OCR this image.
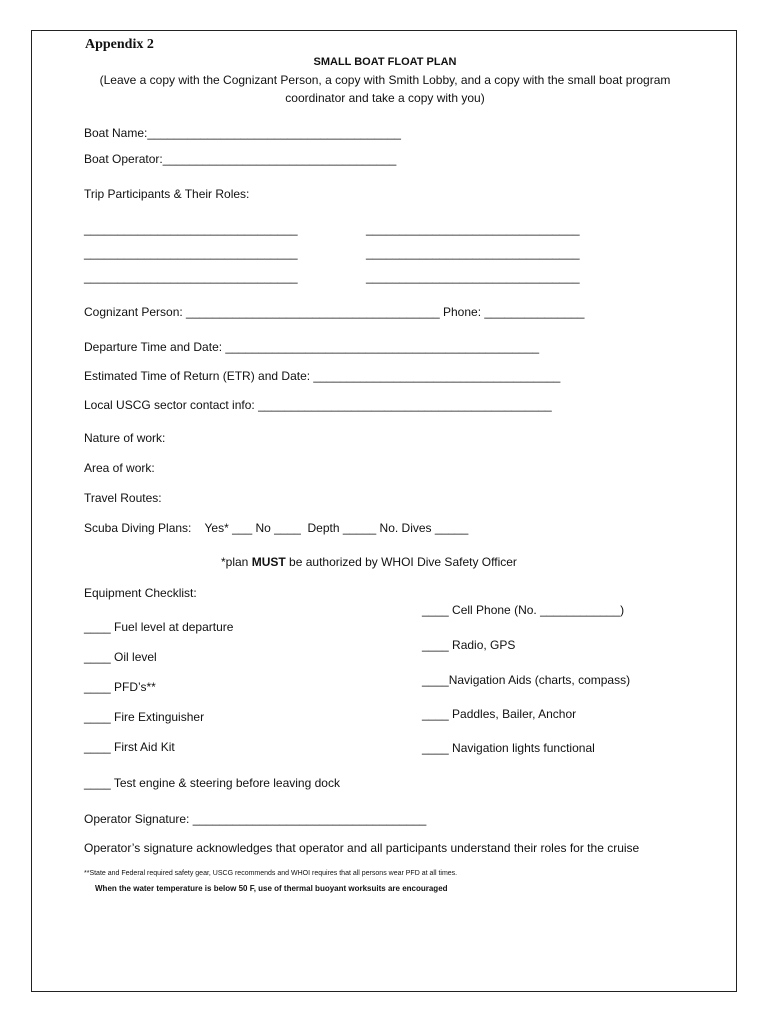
Appendix 2
SMALL BOAT FLOAT PLAN
(Leave a copy with the Cognizant Person, a copy with Smith Lobby, and a copy with the small boat program
coordinator and take a copy with you)
Boat Name:______________________________________
Boat Operator:___________________________________
Trip Participants & Their Roles:
________________________________	________________________________
________________________________	________________________________
________________________________	________________________________
Cognizant Person: ______________________________________ Phone: _______________
Departure Time and Date: _______________________________________________
Estimated Time of Return (ETR) and Date: _____________________________________
Local USCG sector contact info: ____________________________________________
Nature of work:
Area of work:
Travel Routes:
Scuba Diving Plans:    Yes* ___ No ____  Depth _____ No. Dives _____
*plan MUST be authorized by WHOI Dive Safety Officer
Equipment Checklist:
____ Fuel level at departure
____ Oil level
____ PFD’s**
____ Fire Extinguisher
____ First Aid Kit
____ Test engine & steering before leaving dock
____ Cell Phone (No. ____________)
____ Radio, GPS
____Navigation Aids (charts, compass)
____ Paddles, Bailer, Anchor
____ Navigation lights functional
Operator Signature: ___________________________________
Operator’s signature acknowledges that operator and all participants understand their roles for the cruise
**State and Federal required safety gear, USCG recommends and WHOI requires that all persons wear PFD at all times.
When the water temperature is below 50 F, use of thermal buoyant worksuits are encouraged
